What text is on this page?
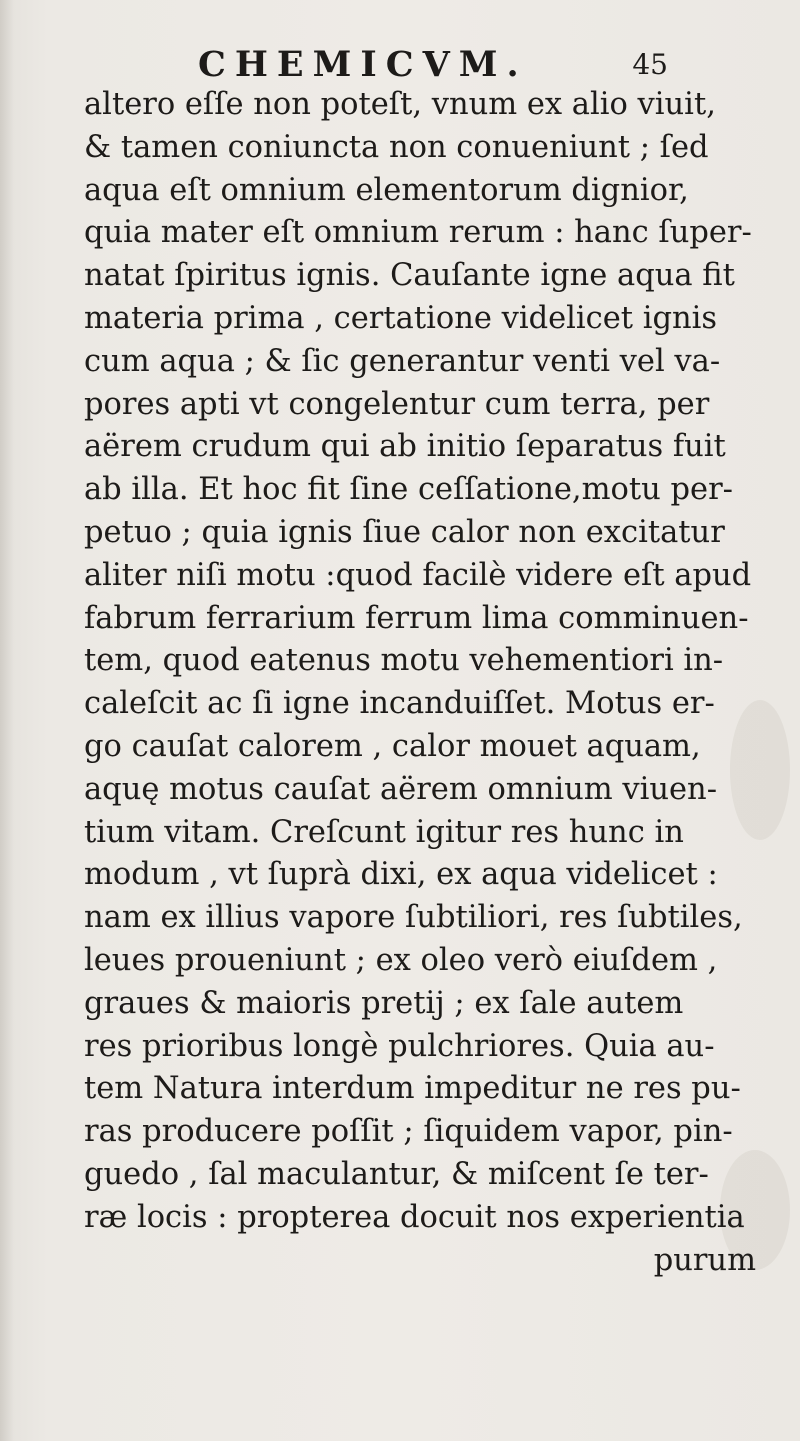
CHEMICVM.	45
altero eſſe non poteſt, vnum ex alio viuit,
& tamen coniuncta non conueniunt ; ſed
aqua eſt omnium elementorum dignior,
quia mater eſt omnium rerum : hanc ſuper-
natat ſpiritus ignis. Cauſante igne aqua fit
materia prima , certatione videlicet ignis
cum aqua ; & ſic generantur venti vel va-
pores apti vt congelentur cum terra, per
aërem crudum qui ab initio ſeparatus fuit
ab illa. Et hoc fit ſine ceſſatione,motu per-
petuo ; quia ignis ſiue calor non excitatur
aliter niſi motu :quod facilè videre eſt apud
fabrum ferrarium ferrum lima comminuen-
tem, quod eatenus motu vehementiori in-
caleſcit ac ſi igne incanduiſſet. Motus er-
go cauſat calorem , calor mouet aquam,
aquę motus cauſat aërem omnium viuen-
tium vitam. Creſcunt igitur res hunc in
modum , vt ſuprà dixi, ex aqua videlicet :
nam ex illius vapore ſubtiliori, res ſubtiles,
leues proueniunt ; ex oleo verò eiuſdem ,
graues & maioris pretij ; ex ſale autem
res prioribus longè pulchriores. Quia au-
tem Natura interdum impeditur ne res pu-
ras producere poſſit ; ſiquidem vapor, pin-
guedo , ſal maculantur, & miſcent ſe ter-
ræ locis : propterea docuit nos experientia
purum
